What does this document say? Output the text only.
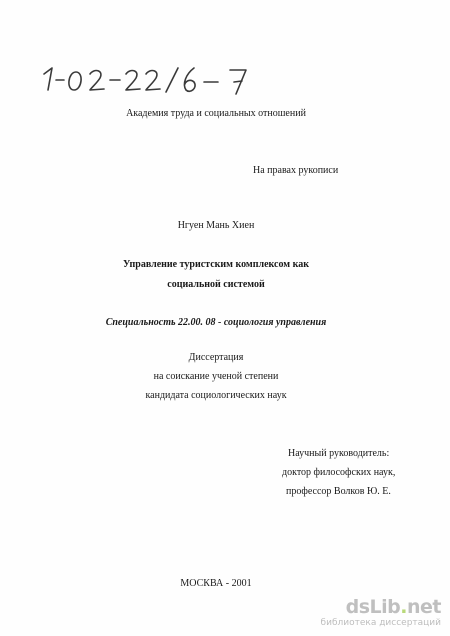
Академия труда и социальных отношений
На правах рукописи
Нгуен Мань Хиен
Управление туристским комплексом как
социальной системой
Специальность 22.00. 08 - социология управления
Диссертация
на соискание ученой степени
кандидата социологических наук
Научный руководитель:
доктор философских наук,
профессор Волков Ю. Е.
МОСКВА - 2001
dsLib.net
библиотека диссертаций
